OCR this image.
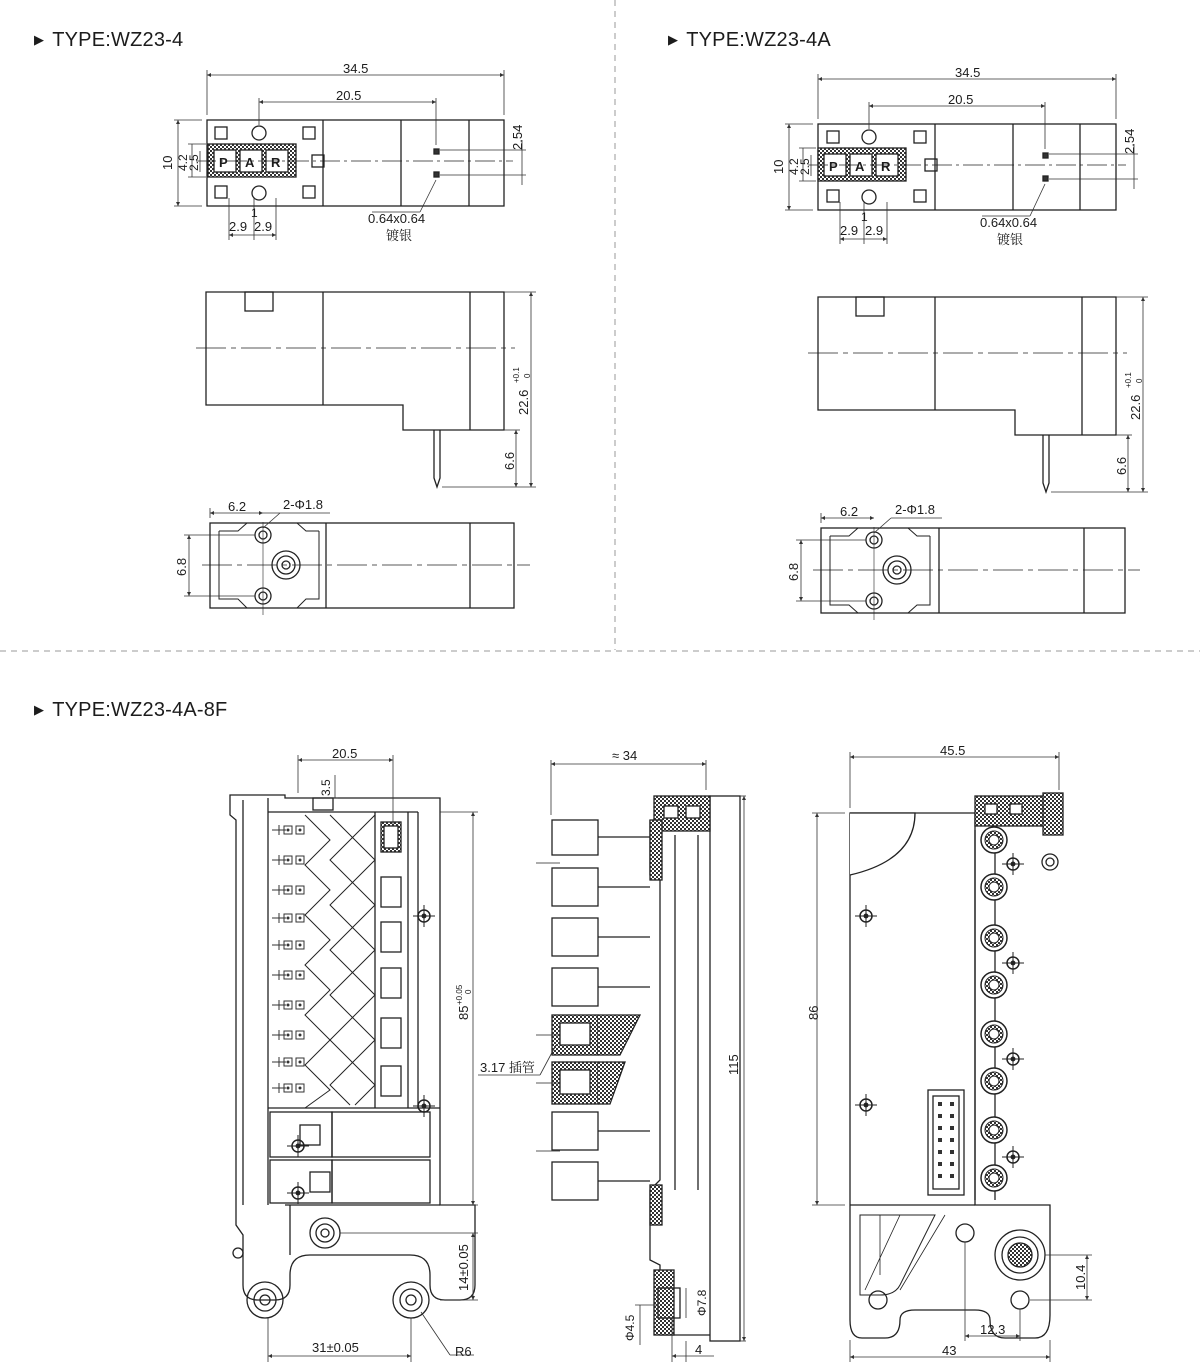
▶ TYPE:WZ23-4	▶ TYPE:WZ23-4A
▶ TYPE:WZ23-4A-8F
P A R
34.5
20.5
10 4.2
2.5
2.9 2.9
1	0.64x0.64
镀银
2.54
22.6
+0.1 0
6.6
6.2	2-Φ1.8
6.8
P A R
34.5
20.5
10 4.2
2.5
2.9 2.9
1	0.64x0.64
镀银
2.54
22.6
+0.1 0
6.6
6.2	2-Φ1.8
6.8
20.5
3.5
85
+0.05 0
14±0.05
31±0.05	R6
≈ 34
115
3.17 插管
Φ7.8
Φ4.5
4
45.5
86
10.4
12.3
43
